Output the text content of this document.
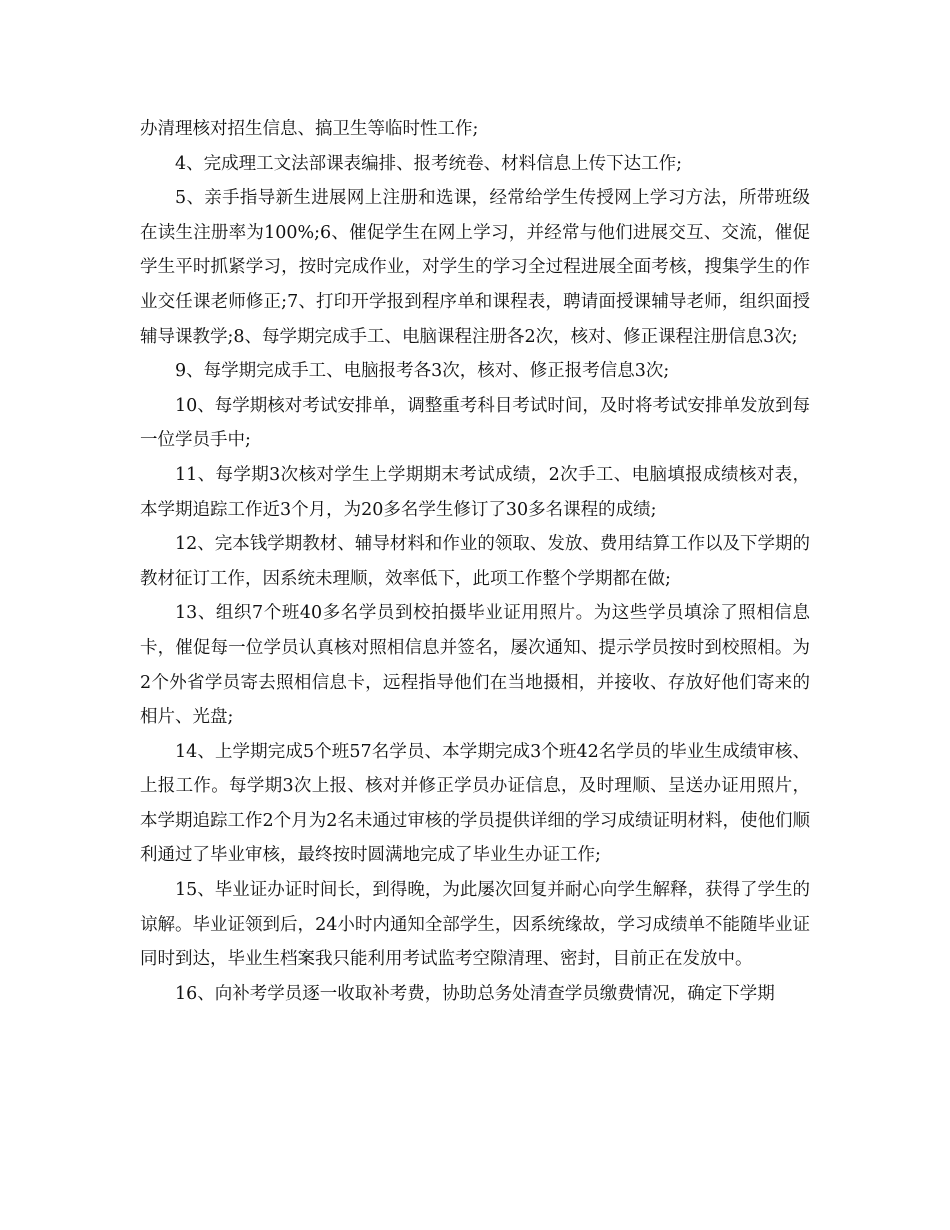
办清理核对招生信息、搞卫生等临时性工作;

4、完成理工文法部课表编排、报考统卷、材料信息上传下达工作;

5、亲手指导新生进展网上注册和选课，经常给学生传授网上学习方法，所带班级在读生注册率为100%;6、催促学生在网上学习，并经常与他们进展交互、交流，催促学生平时抓紧学习，按时完成作业，对学生的学习全过程进展全面考核，搜集学生的作业交任课老师修正;7、打印开学报到程序单和课程表，聘请面授课辅导老师，组织面授辅导课教学;8、每学期完成手工、电脑课程注册各2次，核对、修正课程注册信息3次;

9、每学期完成手工、电脑报考各3次，核对、修正报考信息3次;

10、每学期核对考试安排单，调整重考科目考试时间，及时将考试安排单发放到每一位学员手中;

11、每学期3次核对学生上学期期末考试成绩，2次手工、电脑填报成绩核对表，本学期追踪工作近3个月，为20多名学生修订了30多名课程的成绩;

12、完本钱学期教材、辅导材料和作业的领取、发放、费用结算工作以及下学期的教材征订工作，因系统未理顺，效率低下，此项工作整个学期都在做;

13、组织7个班40多名学员到校拍摄毕业证用照片。为这些学员填涂了照相信息卡，催促每一位学员认真核对照相信息并签名，屡次通知、提示学员按时到校照相。为2个外省学员寄去照相信息卡，远程指导他们在当地摄相，并接收、存放好他们寄来的相片、光盘;

14、上学期完成5个班57名学员、本学期完成3个班42名学员的毕业生成绩审核、上报工作。每学期3次上报、核对并修正学员办证信息，及时理顺、呈送办证用照片，本学期追踪工作2个月为2名未通过审核的学员提供详细的学习成绩证明材料，使他们顺利通过了毕业审核，最终按时圆满地完成了毕业生办证工作;

15、毕业证办证时间长，到得晚，为此屡次回复并耐心向学生解释，获得了学生的谅解。毕业证领到后，24小时内通知全部学生，因系统缘故，学习成绩单不能随毕业证同时到达，毕业生档案我只能利用考试监考空隙清理、密封，目前正在发放中。

16、向补考学员逐一收取补考费，协助总务处清查学员缴费情况，确定下学期
